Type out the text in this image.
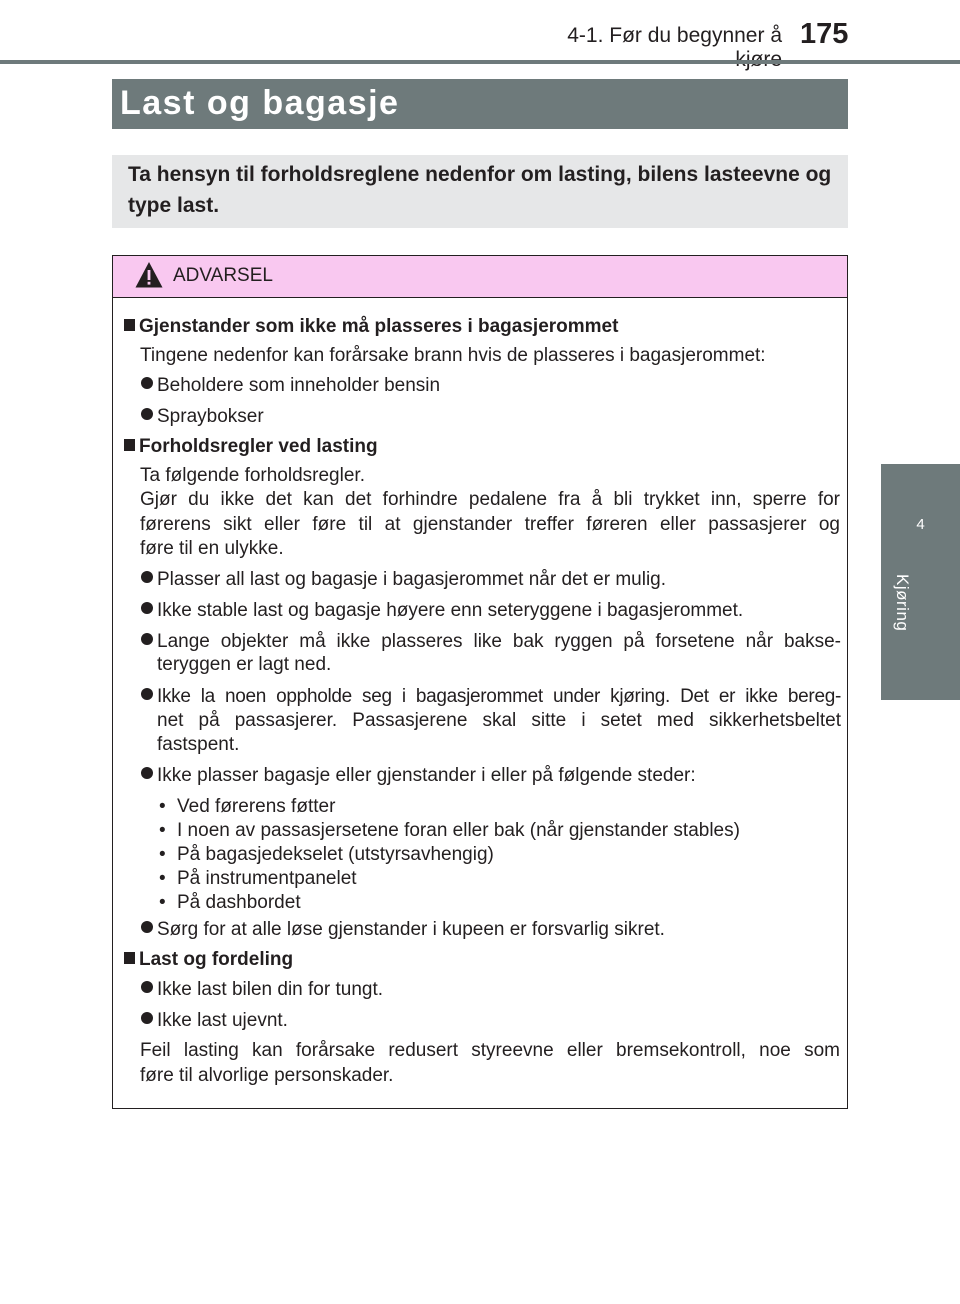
4-1. Før du begynner å 175
4
Kjøring
Last og bagasje
Ta hensyn til forholdsreglene nedenfor om lasting, bilens lasteevne og type last.
ADVARSEL
Gjenstander som ikke må plasseres i bagasjerommet
Tingene nedenfor kan forårsake brann hvis de plasseres i bagasjerommet:
Beholdere som inneholder bensin
Spraybokser
Forholdsregler ved lasting
Ta følgende forholdsregler.
Gjør du ikke det kan det forhindre pedalene fra å bli trykket inn, sperre for
førerens sikt eller føre til at gjenstander treffer føreren eller passasjerer og
føre til en ulykke.
Plasser all last og bagasje i bagasjerommet når det er mulig.
Ikke stable last og bagasje høyere enn seteryggene i bagasjerommet.
Lange objekter må ikke plasseres like bak ryggen på forsetene når bakse-
teryggen er lagt ned.
Ikke la noen oppholde seg i bagasjerommet under kjøring. Det er ikke bereg-
net på passasjerer. Passasjerene skal sitte i setet med sikkerhetsbeltet
fastspent.
Ikke plasser bagasje eller gjenstander i eller på følgende steder:
• Ved førerens føtter
• I noen av passasjersetene foran eller bak (når gjenstander stables)
• På bagasjedekselet (utstyrsavhengig)
• På instrumentpanelet
• På dashbordet
Sørg for at alle løse gjenstander i kupeen er forsvarlig sikret.
Last og fordeling
Ikke last bilen din for tungt.
Ikke last ujevnt.
Feil lasting kan forårsake redusert styreevne eller bremsekontroll, noe som
føre til alvorlige personskader.
